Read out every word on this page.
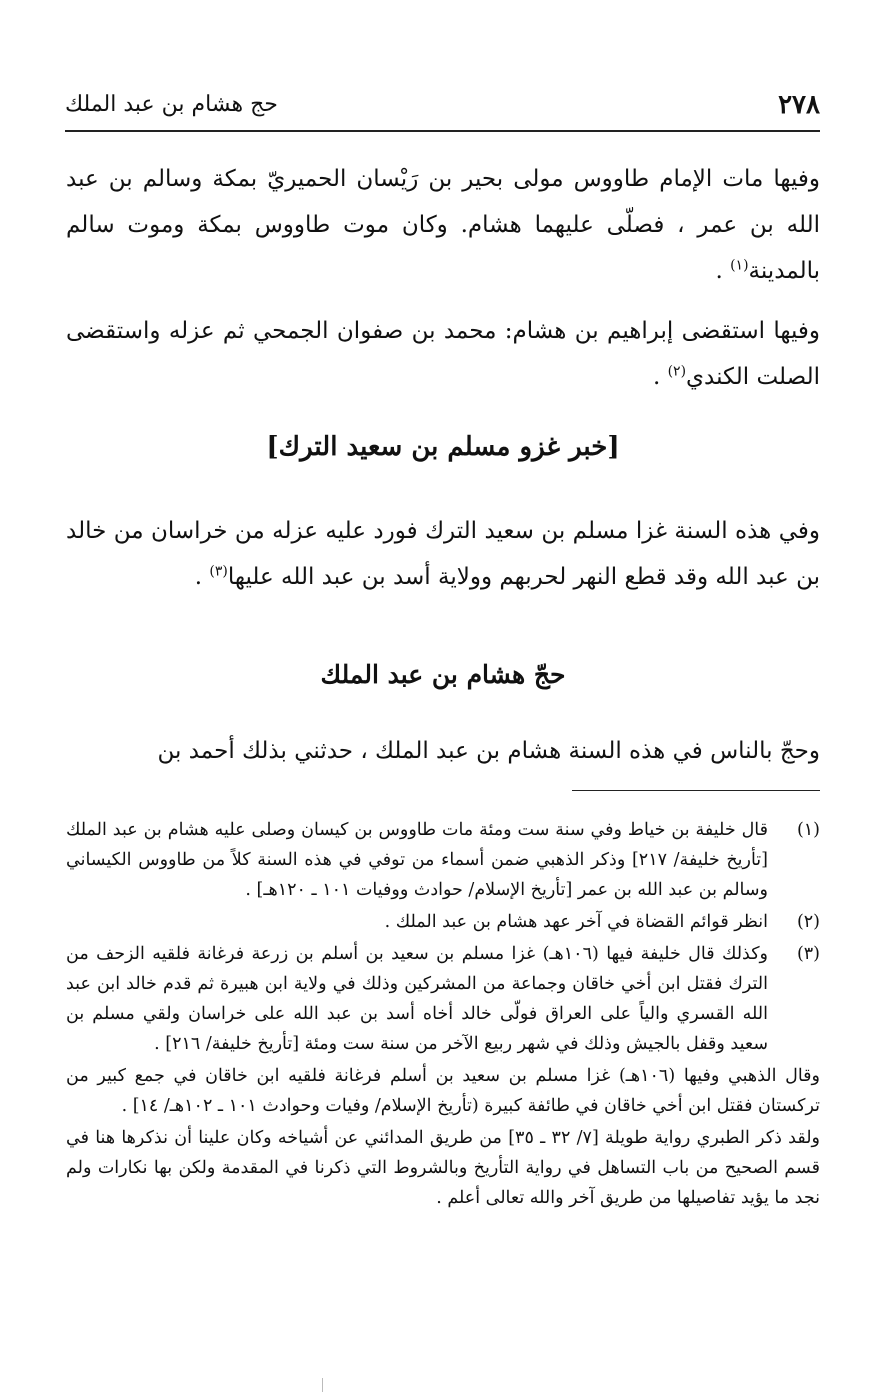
٢٧٨
حج هشام بن عبد الملك
وفيها مات الإمام طاووس مولى بحير بن رَيْسان الحميريّ بمكة وسالم بن عبد الله بن عمر ، فصلّى عليهما هشام. وكان موت طاووس بمكة وموت سالم بالمدينة$^{(١)}$ .
وفيها استقضى إبراهيم بن هشام: محمد بن صفوان الجمحي ثم عزله واستقضى الصلت الكندي$^{(٢)}$ .
[خبر غزو مسلم بن سعيد الترك]
وفي هذه السنة غزا مسلم بن سعيد الترك فورد عليه عزله من خراسان من خالد بن عبد الله وقد قطع النهر لحربهم وولاية أسد بن عبد الله عليها$^{(٣)}$ .
حجّ هشام بن عبد الملك
وحجّ بالناس في هذه السنة هشام بن عبد الملك ، حدثني بذلك أحمد بن
(١)
قال خليفة بن خياط وفي سنة ست ومئة مات طاووس بن كيسان وصلى عليه هشام بن عبد الملك [تأريخ خليفة/ ٢١٧] وذكر الذهبي ضمن أسماء من توفي في هذه السنة كلاً من طاووس الكيساني وسالم بن عبد الله بن عمر [تأريخ الإسلام/ حوادث ووفيات ١٠١ ـ ١٢٠هـ] .
(٢)
انظر قوائم القضاة في آخر عهد هشام بن عبد الملك .
(٣)
وكذلك قال خليفة فيها (١٠٦هـ) غزا مسلم بن سعيد بن أسلم بن زرعة فرغانة فلقيه الزحف من الترك فقتل ابن أخي خاقان وجماعة من المشركين وذلك في ولاية ابن هبيرة ثم قدم خالد ابن عبد الله القسري والياً على العراق فولّى خالد أخاه أسد بن عبد الله على خراسان ولقي مسلم بن سعيد وقفل بالجيش وذلك في شهر ربيع الآخر من سنة ست ومئة [تأريخ خليفة/ ٢١٦] .
وقال الذهبي وفيها (١٠٦هـ) غزا مسلم بن سعيد بن أسلم فرغانة فلقيه ابن خاقان في جمع كبير من تركستان فقتل ابن أخي خاقان في طائفة كبيرة (تأريخ الإسلام/ وفيات وحوادث ١٠١ ـ ١٠٢هـ/ ١٤] .
ولقد ذكر الطبري رواية طويلة [٧/ ٣٢ ـ ٣٥] من طريق المدائني عن أشياخه وكان علينا أن نذكرها هنا في قسم الصحيح من باب التساهل في رواية التأريخ وبالشروط التي ذكرنا في المقدمة ولكن بها نكارات ولم نجد ما يؤيد تفاصيلها من طريق آخر والله تعالى أعلم .
